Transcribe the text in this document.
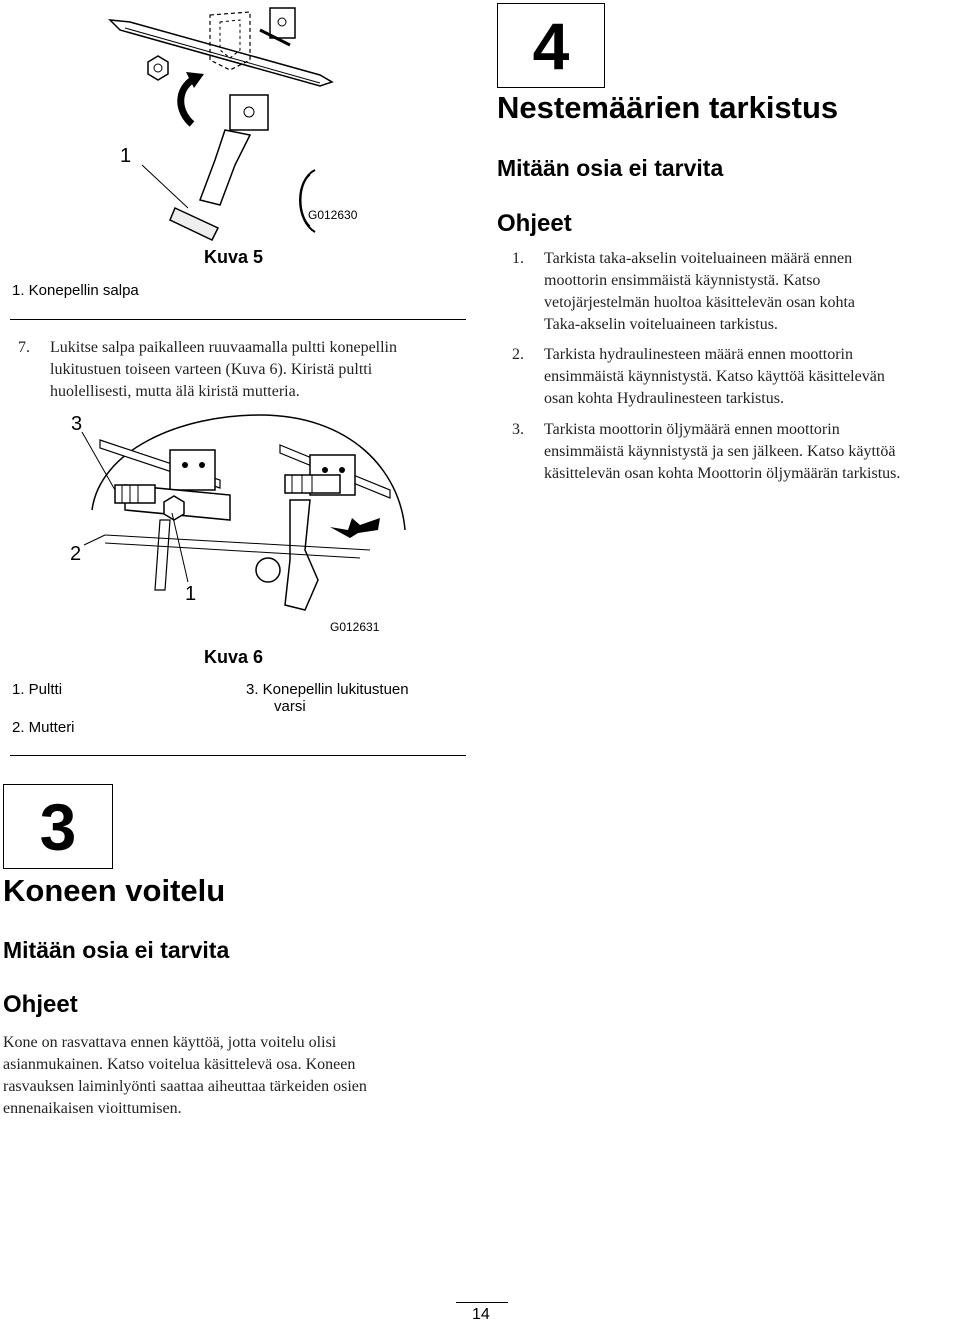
1
G012630
Kuva 5
1. Konepellin salpa
7. Lukitse salpa paikalleen ruuvaamalla pultti konepellin
lukitustuen toiseen varteen (Kuva 6). Kiristä pultti
huolellisesti, mutta älä kiristä mutteria.
3
2
1
G012631
Kuva 6
1. Pultti
2. Mutteri
3. Konepellin lukitustuen
varsi
4
Nestemäärien tarkistus
Mitään osia ei tarvita
Ohjeet
1. Tarkista taka-akselin voiteluaineen määrä ennen
moottorin ensimmäistä käynnistystä. Katso
vetojärjestelmän huoltoa käsittelevän osan kohta
Taka-akselin voiteluaineen tarkistus.
2. Tarkista hydraulinesteen määrä ennen moottorin
ensimmäistä käynnistystä. Katso käyttöä käsittelevän
osan kohta Hydraulinesteen tarkistus.
3. Tarkista moottorin öljymäärä ennen moottorin
ensimmäistä käynnistystä ja sen jälkeen. Katso käyttöä
käsittelevän osan kohta Moottorin öljymäärän tarkistus.
3
Koneen voitelu
Mitään osia ei tarvita
Ohjeet
Kone on rasvattava ennen käyttöä, jotta voitelu olisi
asianmukainen. Katso voitelua käsittelevä osa. Koneen
rasvauksen laiminlyönti saattaa aiheuttaa tärkeiden osien
ennenaikaisen vioittumisen.
14
